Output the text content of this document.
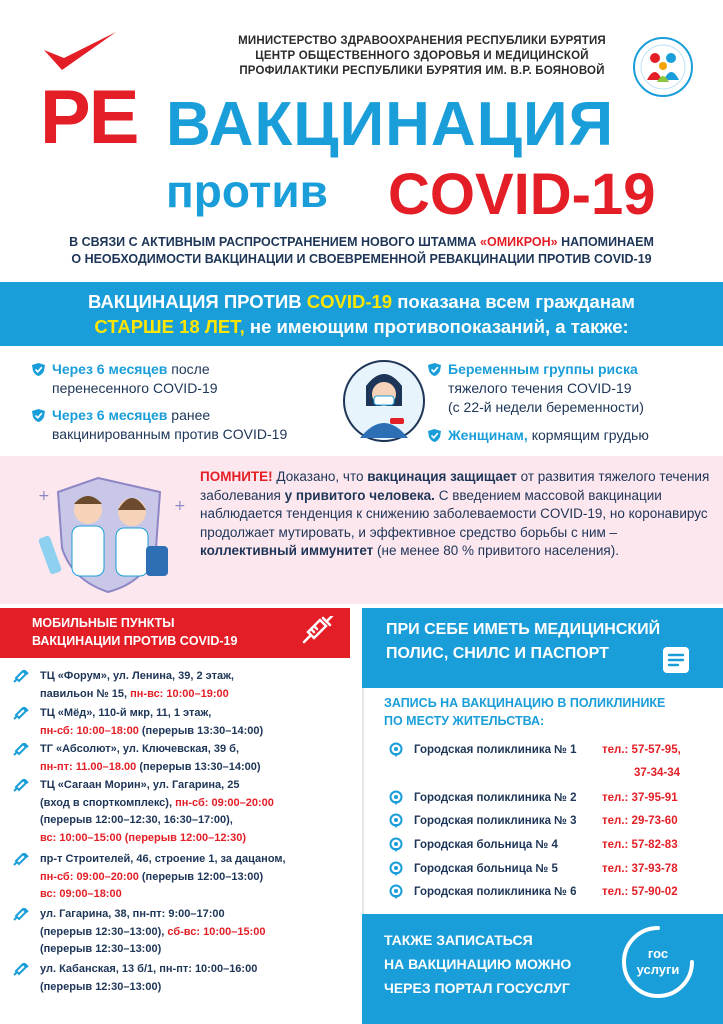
МИНИСТЕРСТВО ЗДРАВООХРАНЕНИЯ РЕСПУБЛИКИ БУРЯТИЯ
ЦЕНТР ОБЩЕСТВЕННОГО ЗДОРОВЬЯ И МЕДИЦИНСКОЙ
ПРОФИЛАКТИКИ РЕСПУБЛИКИ БУРЯТИЯ ИМ. В.Р. БОЯНОВОЙ
РЕ ВАКЦИНАЦИЯ
против COVID-19
В СВЯЗИ С АКТИВНЫМ РАСПРОСТРАНЕНИЕМ НОВОГО ШТАММА «ОМИКРОН» НАПОМИНАЕМ
О НЕОБХОДИМОСТИ ВАКЦИНАЦИИ И СВОЕВРЕМЕННОЙ РЕВАКЦИНАЦИИ ПРОТИВ COVID-19
ВАКЦИНАЦИЯ ПРОТИВ COVID-19 показана всем гражданам
СТАРШЕ 18 ЛЕТ, не имеющим противопоказаний, а также:
Через 6 месяцев после
перенесенного COVID-19
Через 6 месяцев ранее
вакцинированным против COVID-19
Беременным группы риска
тяжелого течения COVID-19
(с 22-й недели беременности)
Женщинам, кормящим грудью
+
+
ПОМНИТЕ! Доказано, что вакцинация защищает от развития тяжелого течения заболевания у привитого человека. С введением массовой вакцинации наблюдается тенденция к снижению заболеваемости COVID-19, но коронавирус продолжает мутировать, и эффективное средство борьбы с ним – коллективный иммунитет (не менее 80 % привитого населения).
МОБИЛЬНЫЕ ПУНКТЫ
ВАКЦИНАЦИИ ПРОТИВ COVID-19
ТЦ «Форум», ул. Ленина, 39, 2 этаж,
павильон № 15, пн-вс: 10:00–19:00
ТЦ «Мёд», 110-й мкр, 11, 1 этаж,
пн-сб: 10:00–18:00 (перерыв 13:30–14:00)
ТГ «Абсолют», ул. Ключевская, 39 б,
пн-пт: 11.00–18.00 (перерыв 13:30–14:00)
ТЦ «Сагаан Морин», ул. Гагарина, 25
(вход в спорткомплекс), пн-сб: 09:00–20:00
(перерыв 12:00–12:30, 16:30–17:00),
вс: 10:00–15:00 (перерыв 12:00–12:30)
пр-т Строителей, 46, строение 1, за дацаном,
пн-сб: 09:00–20:00 (перерыв 12:00–13:00)
вс: 09:00–18:00
ул. Гагарина, 38, пн-пт: 9:00–17:00
(перерыв 12:30–13:00), сб-вс: 10:00–15:00
(перерыв 12:30–13:00)
ул. Кабанская, 13 б/1, пн-пт: 10:00–16:00
(перерыв 12:30–13:00)
ПРИ СЕБЕ ИМЕТЬ МЕДИЦИНСКИЙ
ПОЛИС, СНИЛС И ПАСПОРТ
ЗАПИСЬ НА ВАКЦИНАЦИЮ В ПОЛИКЛИНИКЕ
ПО МЕСТУ ЖИТЕЛЬСТВА:
Городская поликлиника № 1 тел.: 57-57-95,
37-34-34
Городская поликлиника № 2 тел.: 37-95-91
Городская поликлиника № 3 тел.: 29-73-60
Городская больница № 4	тел.: 57-82-83
Городская больница № 5	тел.: 37-93-78
Городская поликлиника № 6 тел.: 57-90-02
ТАКЖЕ ЗАПИСАТЬСЯ
НА ВАКЦИНАЦИЮ МОЖНО
ЧЕРЕЗ ПОРТАЛ ГОСУСЛУГ
гос
услуги
